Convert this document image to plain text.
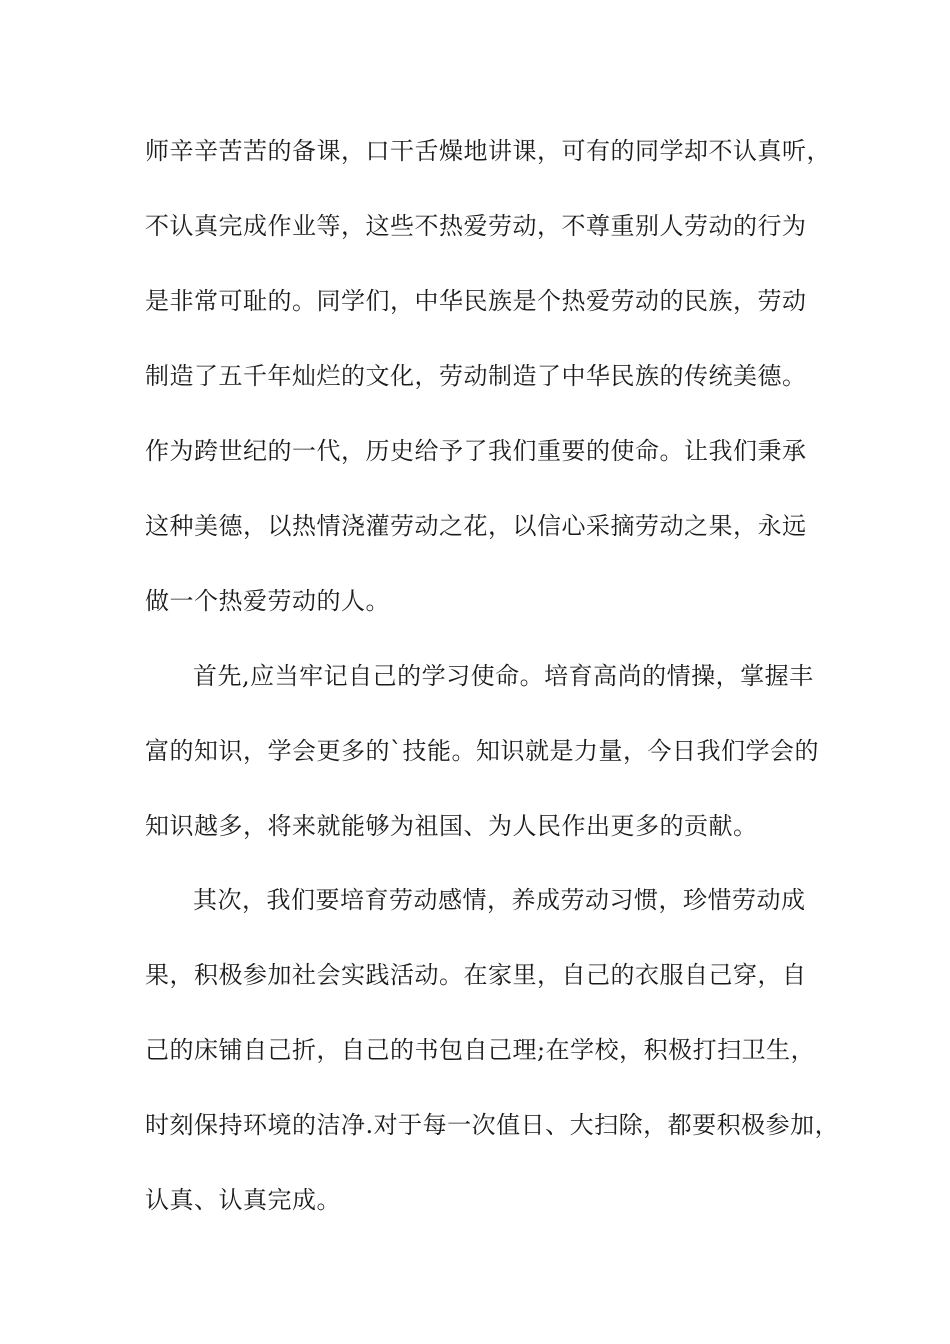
师辛辛苦苦的备课，口干舌燥地讲课，可有的同学却不认真听，
不认真完成作业等，这些不热爱劳动，不尊重别人劳动的行为
是非常可耻的。同学们，中华民族是个热爱劳动的民族，劳动
制造了五千年灿烂的文化，劳动制造了中华民族的传统美德。
作为跨世纪的一代，历史给予了我们重要的使命。让我们秉承
这种美德，以热情浇灌劳动之花，以信心采摘劳动之果，永远
做一个热爱劳动的人。
首先,应当牢记自己的学习使命。培育高尚的情操，掌握丰
富的知识，学会更多的`技能。知识就是力量，今日我们学会的
知识越多，将来就能够为祖国、为人民作出更多的贡献。
其次，我们要培育劳动感情，养成劳动习惯，珍惜劳动成
果，积极参加社会实践活动。在家里，自己的衣服自己穿，自
己的床铺自己折，自己的书包自己理;在学校，积极打扫卫生，
时刻保持环境的洁净.对于每一次值日、大扫除，都要积极参加，
认真、认真完成。
